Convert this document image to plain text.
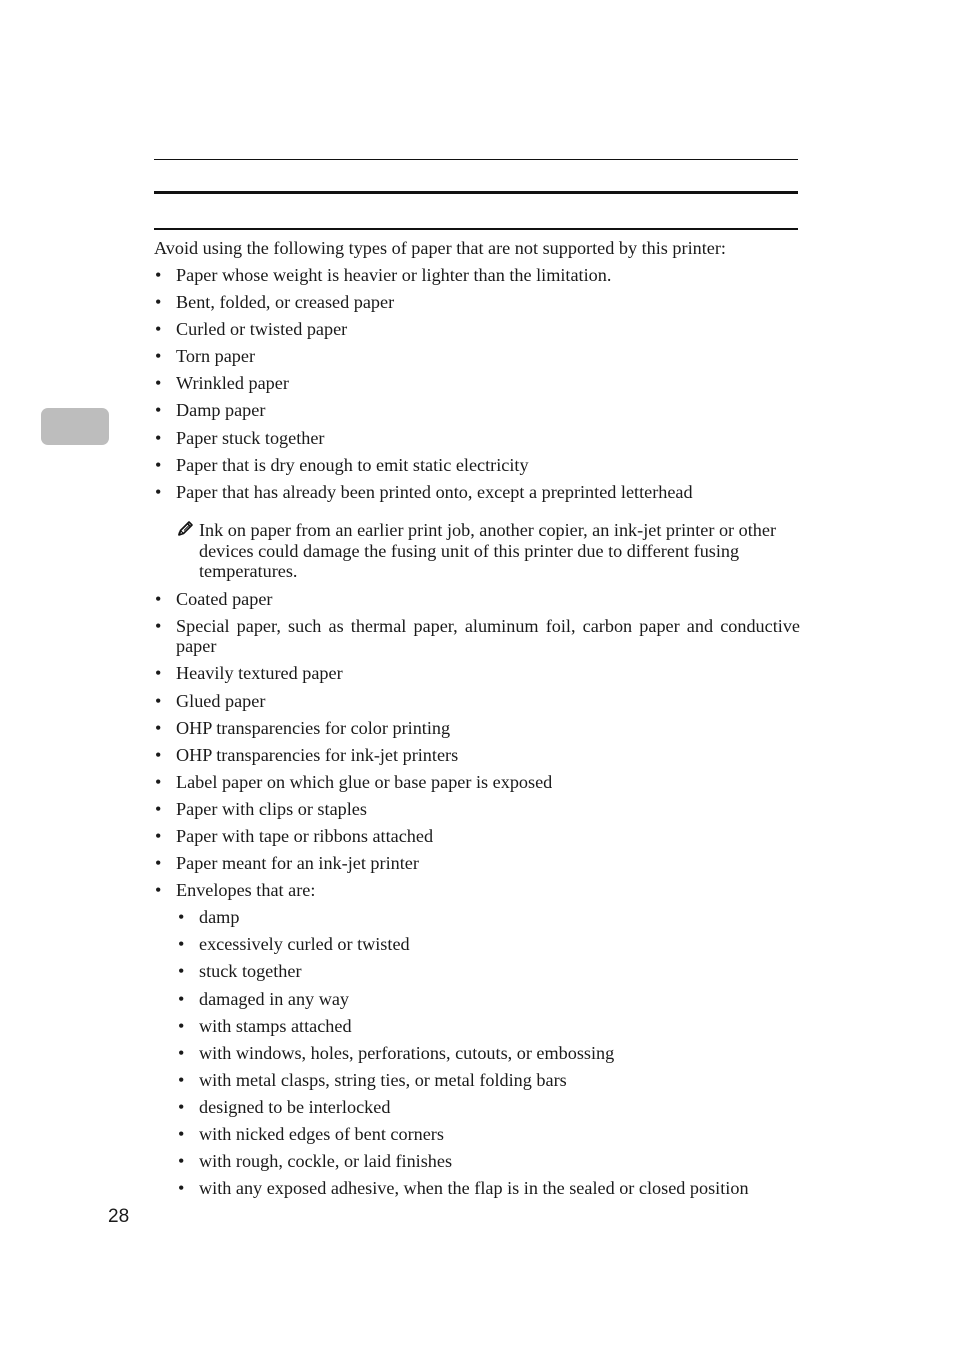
Avoid using the following types of paper that are not supported by this printer:

• Paper whose weight is heavier or lighter than the limitation.
• Bent, folded, or creased paper
• Curled or twisted paper
• Torn paper
• Wrinkled paper
• Damp paper
• Paper stuck together
• Paper that is dry enough to emit static electricity
• Paper that has already been printed onto, except a preprinted letterhead
Ink on paper from an earlier print job, another copier, an ink-jet printer or other devices could damage the fusing unit of this printer due to different fusing temperatures.
• Coated paper
• Special paper, such as thermal paper, aluminum foil, carbon paper and conductive paper
• Heavily textured paper
• Glued paper
• OHP transparencies for color printing
• OHP transparencies for ink-jet printers
• Label paper on which glue or base paper is exposed
• Paper with clips or staples
• Paper with tape or ribbons attached
• Paper meant for an ink-jet printer
• Envelopes that are:
• damp
• excessively curled or twisted
• stuck together
• damaged in any way
• with stamps attached
• with windows, holes, perforations, cutouts, or embossing
• with metal clasps, string ties, or metal folding bars
• designed to be interlocked
• with nicked edges of bent corners
• with rough, cockle, or laid finishes
• with any exposed adhesive, when the flap is in the sealed or closed position
28
